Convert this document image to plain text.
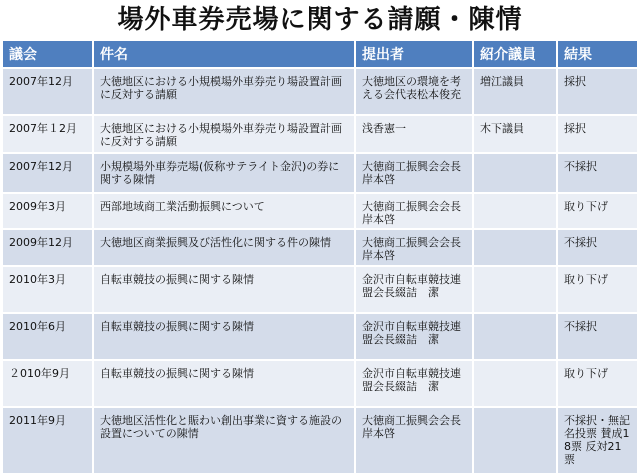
場外車券売場に関する請願・陳情
議会	件名	提出者	紹介議員	結果
2007年12月	大徳地区における小規模場外車券売り場設置計画に反対する請願	大徳地区の環境を考える会代表松本俊充	増江議員	採択
2007年１2月	大徳地区における小規模場外車券売り場設置計画に反対する請願	浅香憲一	木下議員	採択
2007年12月	小規模場外車券売場(仮称サテライト金沢)の券に関する陳情	大徳商工振興会会長岸本啓		不採択
2009年3月	西部地域商工業活動振興について	大徳商工振興会会長岸本啓		取り下げ
2009年12月	大徳地区商業振興及び活性化に関する件の陳情	大徳商工振興会会長岸本啓		不採択
2010年3月	自転車競技の振興に関する陳情	金沢市自転車競技連盟会長綴詰　潔		取り下げ
2010年6月	自転車競技の振興に関する陳情	金沢市自転車競技連盟会長綴詰　潔		不採択
２010年9月	自転車競技の振興に関する陳情	金沢市自転車競技連盟会長綴詰　潔		取り下げ
2011年9月	大徳地区活性化と賑わい創出事業に資する施設の設置についての陳情	大徳商工振興会会長岸本啓		不採択・無記名投票 賛成18票 反対21票
